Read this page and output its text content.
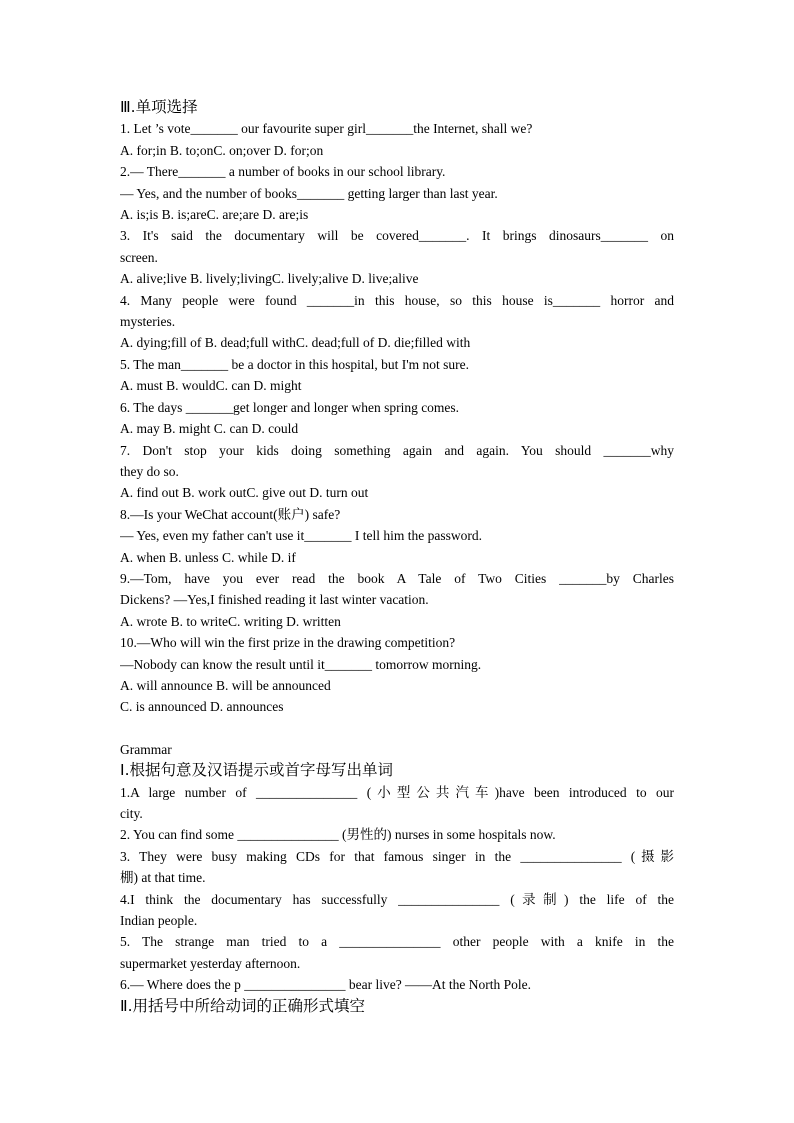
Ⅲ.单项选择
1. Let ’s vote_______ our favourite super girl_______the Internet, shall we?
A. for;in B. to;onC. on;over D. for;on
2.— There_______ a number of books in our school library.
— Yes, and the number of books_______ getting larger than last year.
A. is;is B. is;areC. are;are D. are;is
3. It's said the documentary will be covered_______. It brings dinosaurs_______ on
screen.
A. alive;live B. lively;livingC. lively;alive D. live;alive
4. Many people were found _______in this house, so this house is_______ horror and
mysteries.
A. dying;fill of B. dead;full withC. dead;full of D. die;filled with
5. The man_______ be a doctor in this hospital, but I'm not sure.
A. must B. wouldC. can D. might
6. The days _______get longer and longer when spring comes.
A. may B. might C. can D. could
7. Don't stop your kids doing something again and again. You should _______why
they do so.
A. find out B. work outC. give out D. turn out
8.—Is your WeChat account(账户) safe?
— Yes, even my father can't use it_______ I tell him the password.
A. when B. unless C. while D. if
9.—Tom, have you ever read the book A Tale of Two Cities _______by Charles
Dickens? —Yes,I finished reading it last winter vacation.
A. wrote B. to writeC. writing D. written
10.—Who will win the first prize in the drawing competition?
—Nobody can know the result until it_______ tomorrow morning.
A. will announce B. will be announced
C. is announced D. announces
Grammar
Ⅰ.根据句意及汉语提示或首字母写出单词
1.A large number of _______________ (小型公共汽车)have been introduced to our
city.
2. You can find some _______________ (男性的) nurses in some hospitals now.
3. They were busy making CDs for that famous singer in the _______________ (摄影
棚) at that time.
4.I think the documentary has successfully _______________ (录制) the life of the
Indian people.
5. The strange man tried to a _______________ other people with a knife in the
supermarket yesterday afternoon.
6.— Where does the p _______________ bear live? ——At the North Pole.
Ⅱ.用括号中所给动词的正确形式填空
